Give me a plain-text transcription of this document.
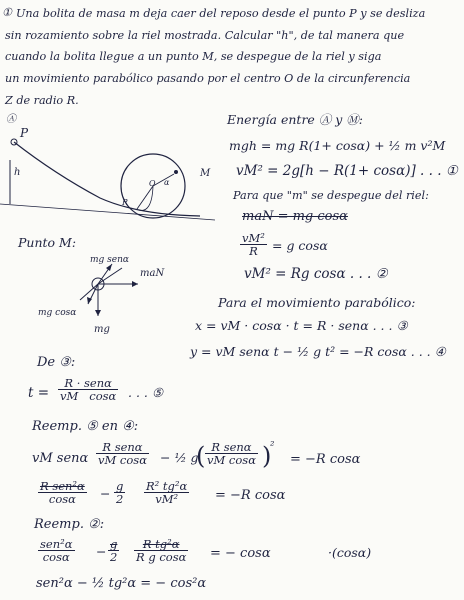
① Una bolita de masa m deja caer del reposo desde el punto P y se desliza
sin rozamiento sobre la riel mostrada. Calcular "h", de tal manera que
cuando la bolita llegue a un punto M, se despegue de la riel y siga
un movimiento parabólico pasando por el centro O de la circunferencia
Z de radio R.
Ⓐ
P
h	M
O
R
α
Energía entre Ⓐ y Ⓜ:
mgh = mg R(1+ cosα) + ½ m v²M
vM² = 2g[h − R(1+ cosα)] . . . ①
Para que "m" se despegue del riel:
maN = mg cosα
$\frac{\text{vM²}}{R} = g$ cosα
vM² = Rg cosα . . . ②
Punto M:
mg senα
maN
mg cosα
mg
Para el movimiento parabólico:
x = vM · cosα · t = R · senα . . . ③
y = vM senα t − ½ g t² = −R cosα . . . ④
De ③:
t =
R · senα
vM cosα . . . ⑤
Reemp. ⑤ en ④:
vM senα
R senα
vM cosα − ½ g
( R senα
vM cosα )
²
= −R cosα
R sen²α
cosα	− $\frac{g}{2} \frac{\text{R² tg²α}}{\text{vM²}} = -R$ cosα
Reemp. ②:
sen²α
cosα	− $\frac{g}{2} \frac{\text{R tg²α}}{\text{R g cosα}}$ = − cosα	·(cosα)
sen²α − ½ tg²α = − cos²α
